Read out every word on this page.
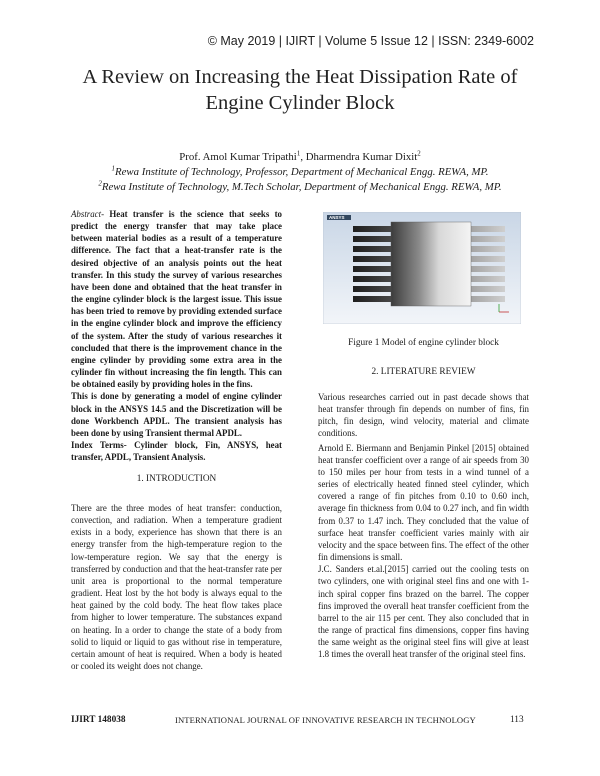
© May 2019 | IJIRT | Volume 5 Issue 12 | ISSN: 2349-6002
A Review on Increasing the Heat Dissipation Rate of
Engine Cylinder Block
Prof. Amol Kumar Tripathi$^1$, Dharmendra Kumar Dixit$^2$
$^1$Rewa Institute of Technology, Professor, Department of Mechanical Engg. REWA, MP.
$^2$Rewa Institute of Technology, M.Tech Scholar, Department of Mechanical Engg. REWA, MP.

Abstract- Heat transfer is the science that seeks to predict the energy transfer that may take place between material bodies as a result of a temperature difference. The fact that a heat-transfer rate is the desired objective of an analysis points out the heat transfer. In this study the survey of various researches have been done and obtained that the heat transfer in the engine cylinder block is the largest issue. This issue has been tried to remove by providing extended surface in the engine cylinder block and improve the efficiency of the system. After the study of various researches it concluded that there is the improvement chance in the engine cylinder by providing some extra area in the cylinder fin without increasing the fin length. This can be obtained easily by providing holes in the fins.

This is done by generating a model of engine cylinder block in the ANSYS 14.5 and the Discretization will be done Workbench APDL. The transient analysis has been done by using Transient thermal APDL.

Index Terms- Cylinder block, Fin, ANSYS, heat transfer, APDL, Transient Analysis.

1. INTRODUCTION
There are the three modes of heat transfer: conduction, convection, and radiation. When a temperature gradient exists in a body, experience has shown that there is an energy transfer from the high-temperature region to the low-temperature region. We say that the energy is transferred by conduction and that the heat-transfer rate per unit area is proportional to the normal temperature gradient. Heat lost by the hot body is always equal to the heat gained by the cold body. The heat flow takes place from higher to lower temperature. The substances expand on heating. In a order to change the state of a body from solid to liquid or liquid to gas without rise in temperature, certain amount of heat is required. When a body is heated or cooled its weight does not change.
ANSYS
Figure 1 Model of engine cylinder block
2. LITERATURE REVIEW

Various researches carried out in past decade shows that heat transfer through fin depends on number of fins, fin pitch, fin design, wind velocity, material and climate conditions.

Arnold E. Biermann and Benjamin Pinkel [2015] obtained heat transfer coefficient over a range of air speeds from 30 to 150 miles per hour from tests in a wind tunnel of a series of electrically heated finned steel cylinder, which covered a range of fin pitches from 0.10 to 0.60 inch, average fin thickness from 0.04 to 0.27 inch, and fin width from 0.37 to 1.47 inch. They concluded that the value of surface heat transfer coefficient varies mainly with air velocity and the space between fins. The effect of the other fin dimensions is small.

J.C. Sanders et.al.[2015] carried out the cooling tests on two cylinders, one with original steel fins and one with 1-inch spiral copper fins brazed on the barrel. The copper fins improved the overall heat transfer coefficient from the barrel to the air 115 per cent. They also concluded that in the range of practical fins dimensions, copper fins having the same weight as the original steel fins will give at least 1.8 times the overall heat transfer of the original steel fins.

IJIRT 148038	INTERNATIONAL JOURNAL OF INNOVATIVE RESEARCH IN TECHNOLOGY	113
